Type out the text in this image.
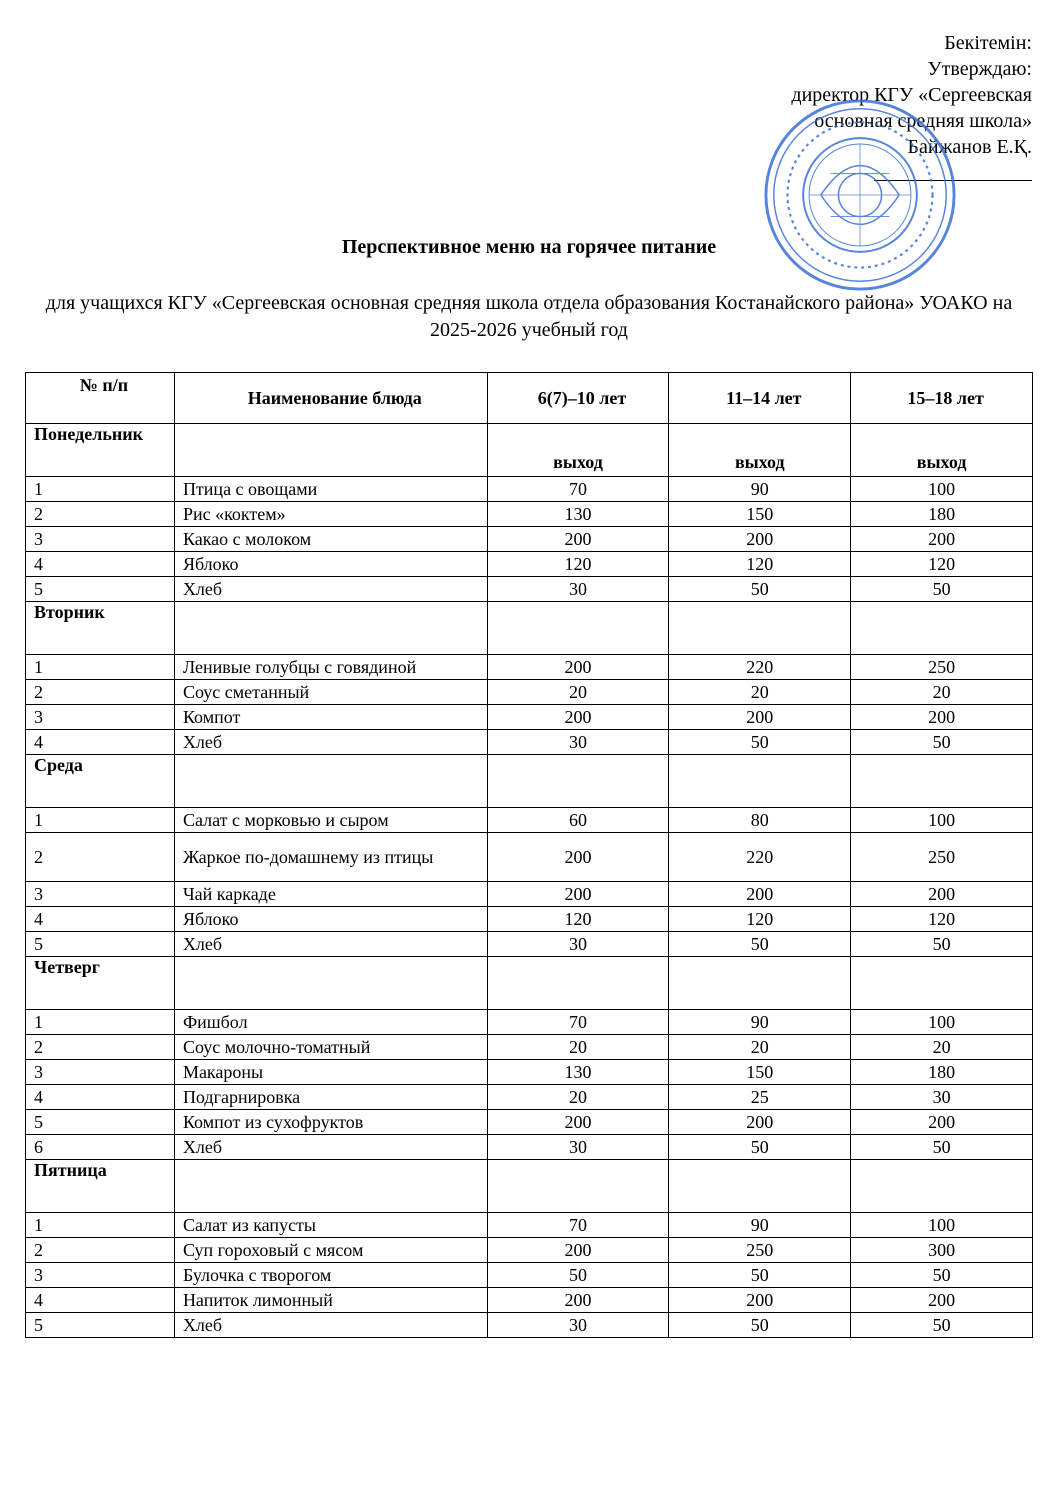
Бекітемін:
Утверждаю:
директор КГУ «Сергеевская
основная средняя школа»
Байжанов Е.Қ.
Перспективное меню на горячее питание
для учащихся КГУ «Сергеевская основная средняя школа отдела образования Костанайского района» УОАКО на 2025-2026 учебный год
№ п/п	Наименование блюда	6(7)–10 лет	11–14 лет	15–18 лет
Понедельник		выход	выход	выход
1	Птица с овощами	70	90	100
2	Рис «коктем»	130	150	180
3	Какао с молоком	200	200	200
4	Яблоко	120	120	120
5	Хлеб	30	50	50
Вторник				
1	Ленивые голубцы с говядиной	200	220	250
2	Соус сметанный	20	20	20
3	Компот	200	200	200
4	Хлеб	30	50	50
Среда				
1	Салат с морковью и сыром	60	80	100
2	Жаркое по-домашнему из птицы	200	220	250
3	Чай каркаде	200	200	200
4	Яблоко	120	120	120
5	Хлеб	30	50	50
Четверг				
1	Фишбол	70	90	100
2	Соус молочно-томатный	20	20	20
3	Макароны	130	150	180
4	Подгарнировка	20	25	30
5	Компот из сухофруктов	200	200	200
6	Хлеб	30	50	50
Пятница				
1	Салат из капусты	70	90	100
2	Суп гороховый с мясом	200	250	300
3	Булочка с творогом	50	50	50
4	Напиток лимонный	200	200	200
5	Хлеб	30	50	50
